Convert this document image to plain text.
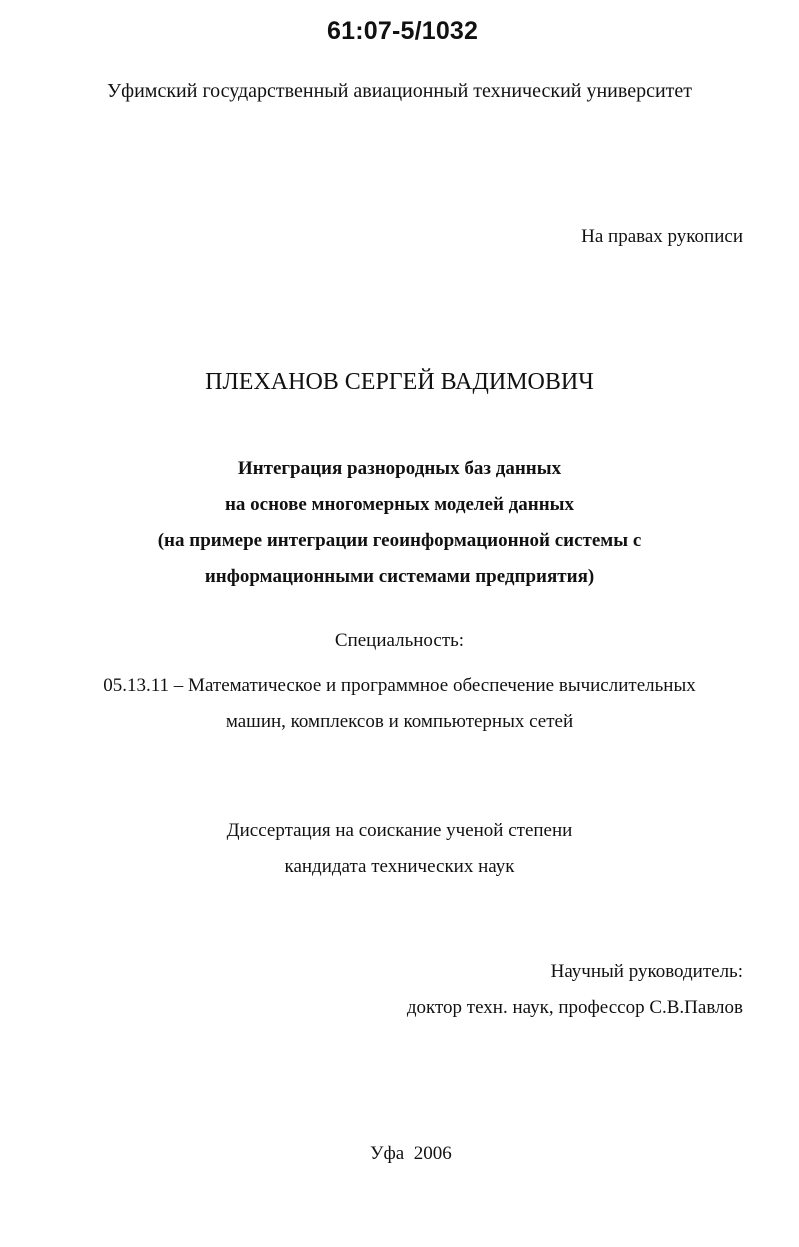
61:07-5/1032
Уфимский государственный авиационный технический университет
На правах рукописи
ПЛЕХАНОВ СЕРГЕЙ ВАДИМОВИЧ
Интеграция разнородных баз данных
на основе многомерных моделей данных
(на примере интеграции геоинформационной системы с
информационными системами предприятия)
Специальность:
05.13.11 – Математическое и программное обеспечение вычислительных
машин, комплексов и компьютерных сетей
Диссертация на соискание ученой степени
кандидата технических наук
Научный руководитель:
доктор техн. наук, профессор С.В.Павлов
Уфа  2006
